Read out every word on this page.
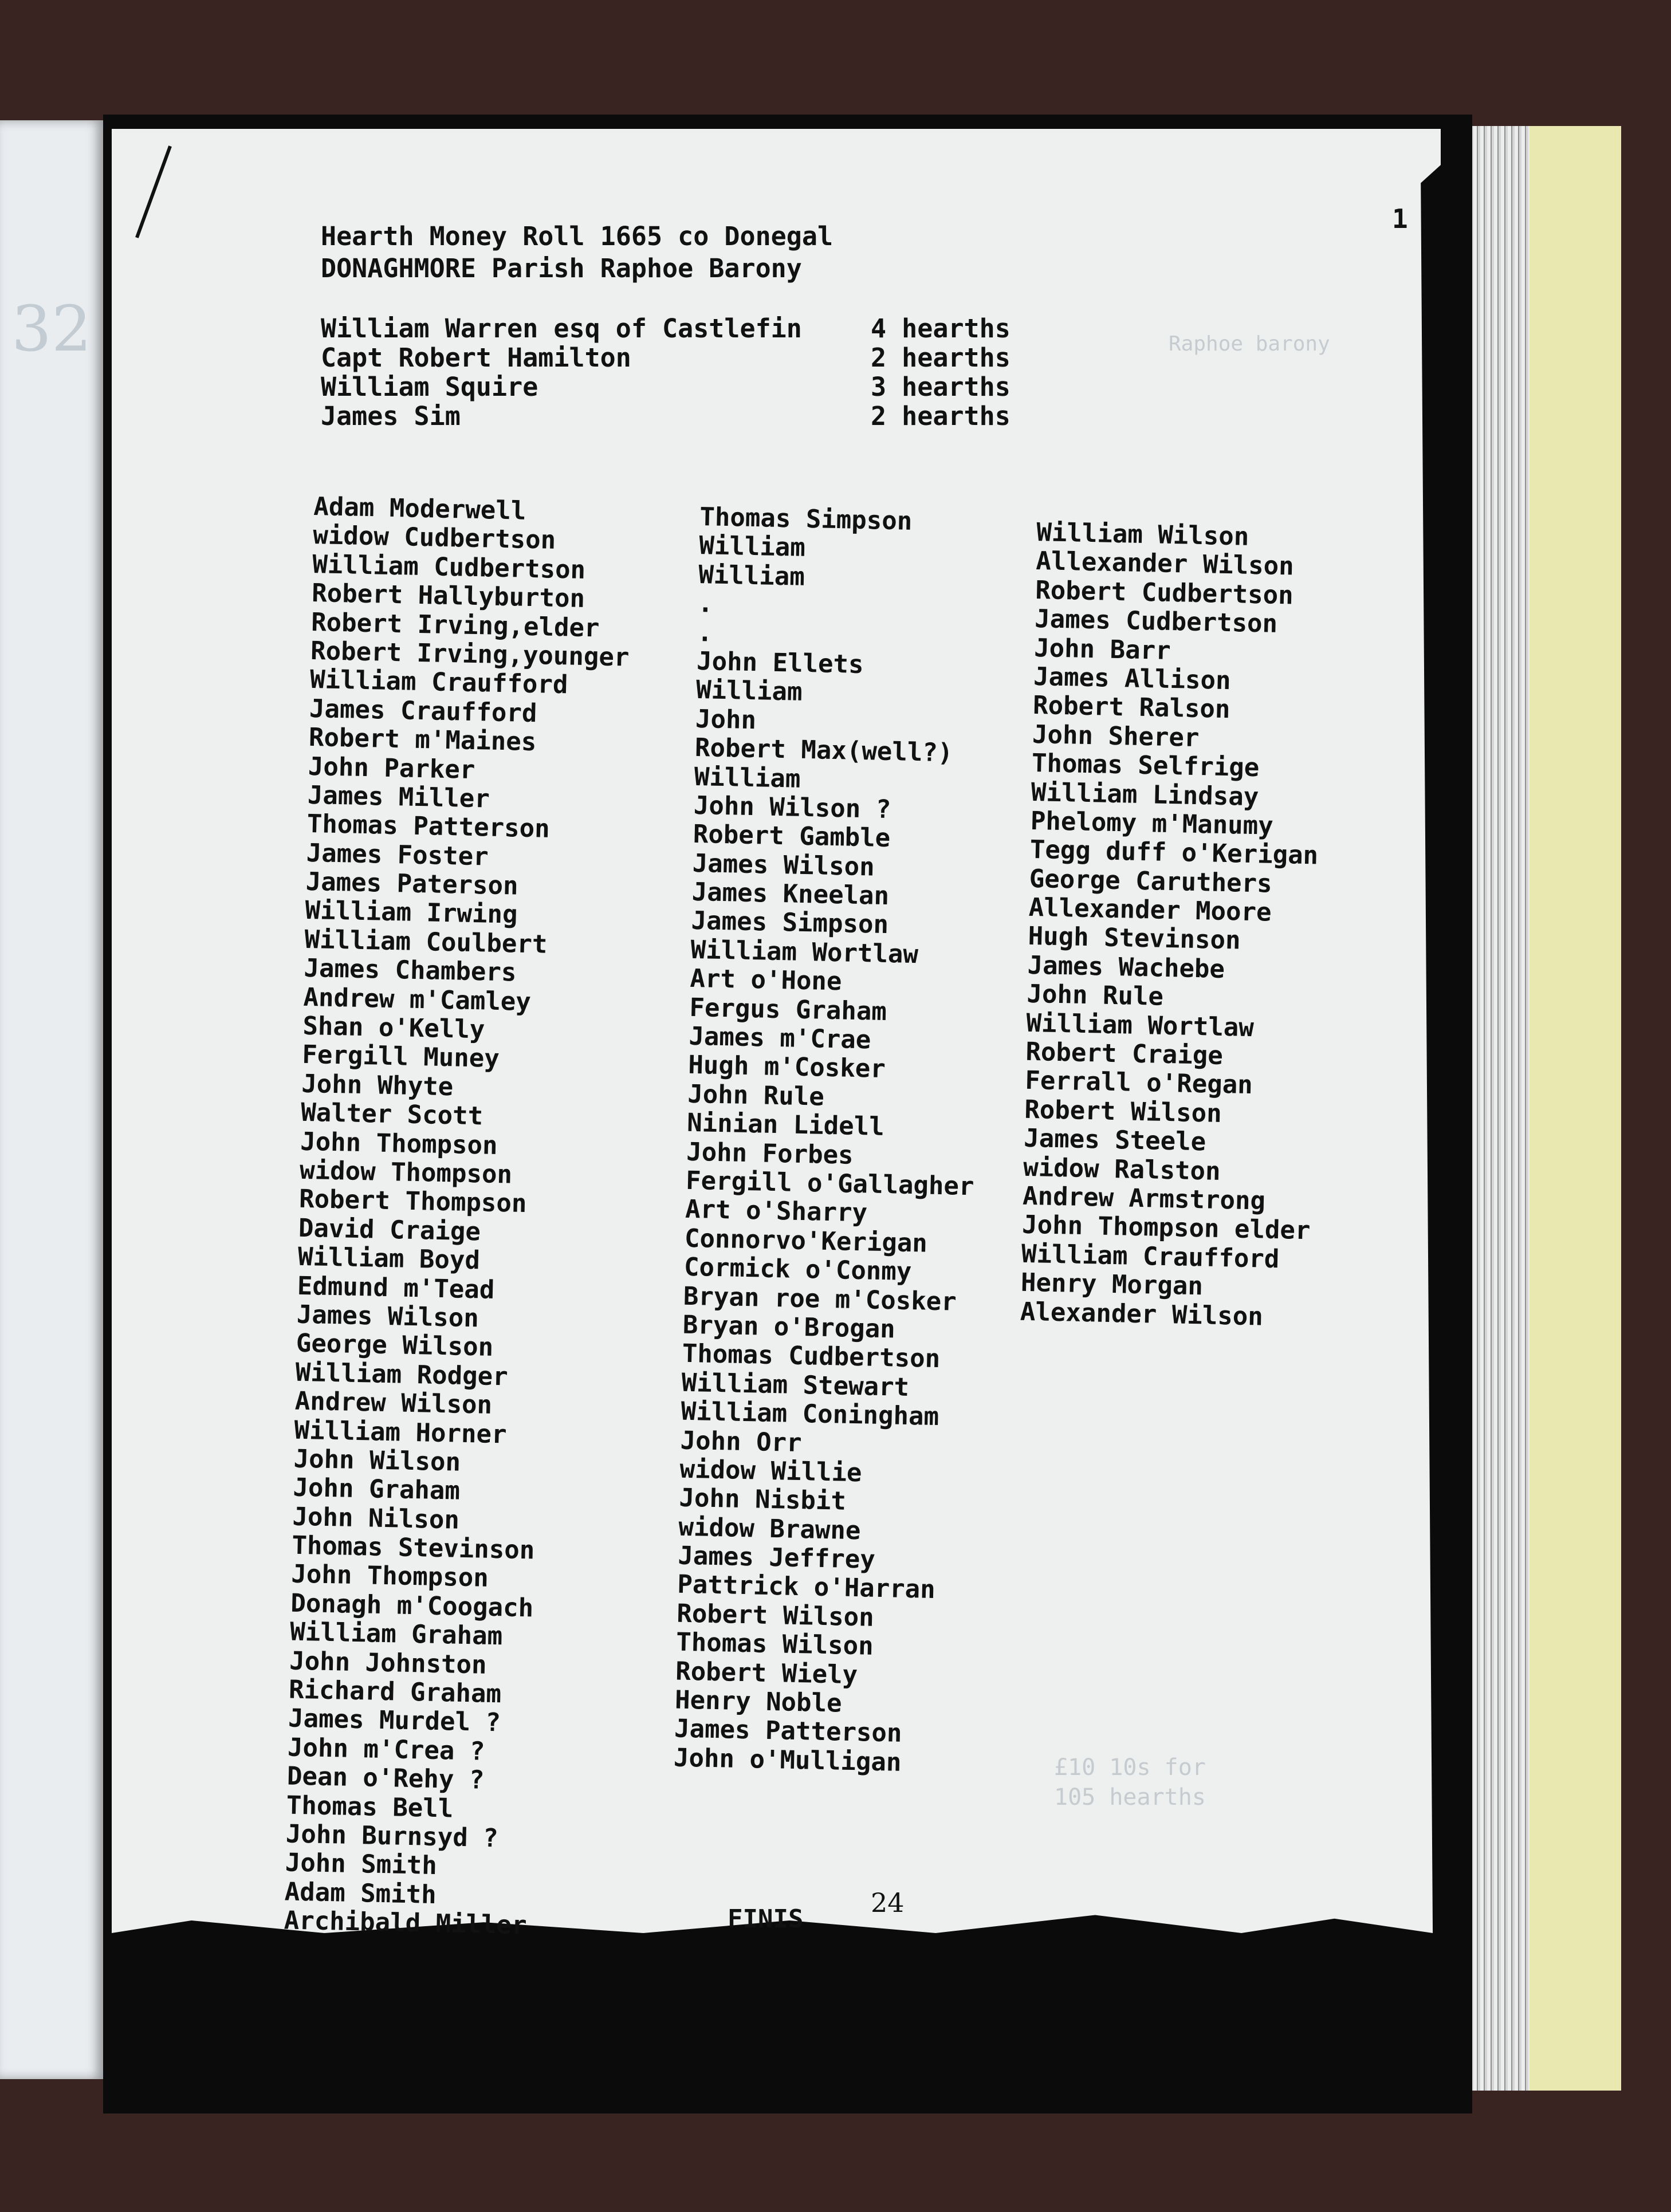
32	Raphoe barony
£10 10s for
105 hearths
1
Hearth Money Roll 1665 co Donegal
DONAGHMORE Parish Raphoe Barony
William Warren esq of Castlefin	4 hearths
Capt Robert Hamilton	2 hearths
William Squire	3 hearths
James Sim	2 hearths
Adam Moderwell
widow Cudbertson
William Cudbertson
Robert Hallyburton
Robert Irving,elder
Robert Irving,younger
William Craufford
James Craufford
Robert m'Maines
John Parker
James Miller
Thomas Patterson
James Foster
James Paterson
William Irwing
William Coulbert
James Chambers
Andrew m'Camley
Shan o'Kelly
Fergill Muney
John Whyte
Walter Scott
John Thompson
widow Thompson
Robert Thompson
David Craige
William Boyd
Edmund m'Tead
James Wilson
George Wilson
William Rodger
Andrew Wilson
William Horner
John Wilson
John Graham
John Nilson
Thomas Stevinson
John Thompson
Donagh m'Coogach
William Graham
John Johnston
Richard Graham
James Murdel ?
John m'Crea ?
Dean o'Rehy ?
Thomas Bell
John Burnsyd ?
John Smith
Adam Smith
Archibald Miller
Thomas Simpson
William
William
.
.
John Ellets
William
John
Robert Max(well?)
William
John Wilson ?
Robert Gamble
James Wilson
James Kneelan
James Simpson
William Wortlaw
Art o'Hone
Fergus Graham
James m'Crae
Hugh m'Cosker
John Rule
Ninian Lidell
John Forbes
Fergill o'Gallagher
Art o'Sharry
Connorvo'Kerigan
Cormick o'Conmy
Bryan roe m'Cosker
Bryan o'Brogan
Thomas Cudbertson
William Stewart
William Coningham
John Orr
widow Willie
John Nisbit
widow Brawne
James Jeffrey
Pattrick o'Harran
Robert Wilson
Thomas Wilson
Robert Wiely
Henry Noble
James Patterson
John o'Mulligan
William Wilson
Allexander Wilson
Robert Cudbertson
James Cudbertson
John Barr
James Allison
Robert Ralson
John Sherer
Thomas Selfrige
William Lindsay
Phelomy m'Manumy
Tegg duff o'Kerigan
George Caruthers
Allexander Moore
Hugh Stevinson
James Wachebe
John Rule
William Wortlaw
Robert Craige
Ferrall o'Regan
Robert Wilson
James Steele
widow Ralston
Andrew Armstrong
John Thompson elder
William Craufford
Henry Morgan
Alexander Wilson
FINIS
24
